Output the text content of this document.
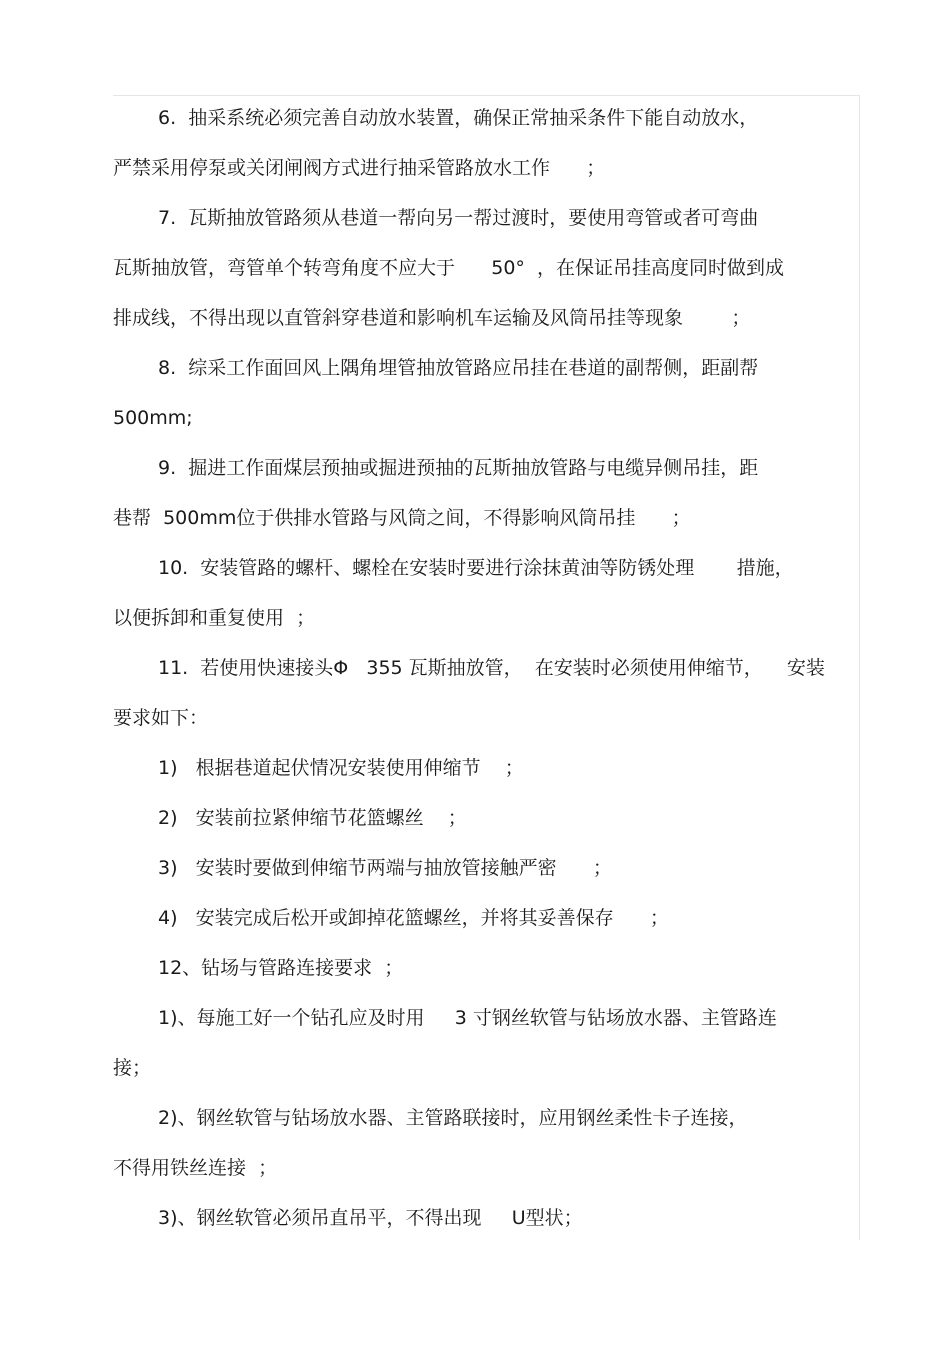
6.  抽采系统必须完善自动放水装置，确保正常抽采条件下能自动放水，

严禁采用停泵或关闭闸阀方式进行抽采管路放水工作      ；

7.  瓦斯抽放管路须从巷道一帮向另一帮过渡时，要使用弯管或者可弯曲

瓦斯抽放管，弯管单个转弯角度不应大于      50°  ，在保证吊挂高度同时做到成

排成线，不得出现以直管斜穿巷道和影响机车运输及风筒吊挂等现象        ；

8.  综采工作面回风上隅角埋管抽放管路应吊挂在巷道的副帮侧，距副帮

500mm;

9.  掘进工作面煤层预抽或掘进预抽的瓦斯抽放管路与电缆异侧吊挂，距

巷帮  500mm位于供排水管路与风筒之间，不得影响风筒吊挂      ；

10.  安装管路的螺杆、螺栓在安装时要进行涂抹黄油等防锈处理       措施，

以便拆卸和重复使用  ；

11.  若使用快速接头Φ   355 瓦斯抽放管，  在安装时必须使用伸缩节，    安装

要求如下：

1)   根据巷道起伏情况安装使用伸缩节    ；

2)   安装前拉紧伸缩节花篮螺丝    ；

3)   安装时要做到伸缩节两端与抽放管接触严密      ；

4)   安装完成后松开或卸掉花篮螺丝，并将其妥善保存      ；

12、钻场与管路连接要求  ；

1)、每施工好一个钻孔应及时用     3 寸钢丝软管与钻场放水器、主管路连

接；

2)、钢丝软管与钻场放水器、主管路联接时，应用钢丝柔性卡子连接，

不得用铁丝连接  ；

3)、钢丝软管必须吊直吊平，不得出现     U型状；
